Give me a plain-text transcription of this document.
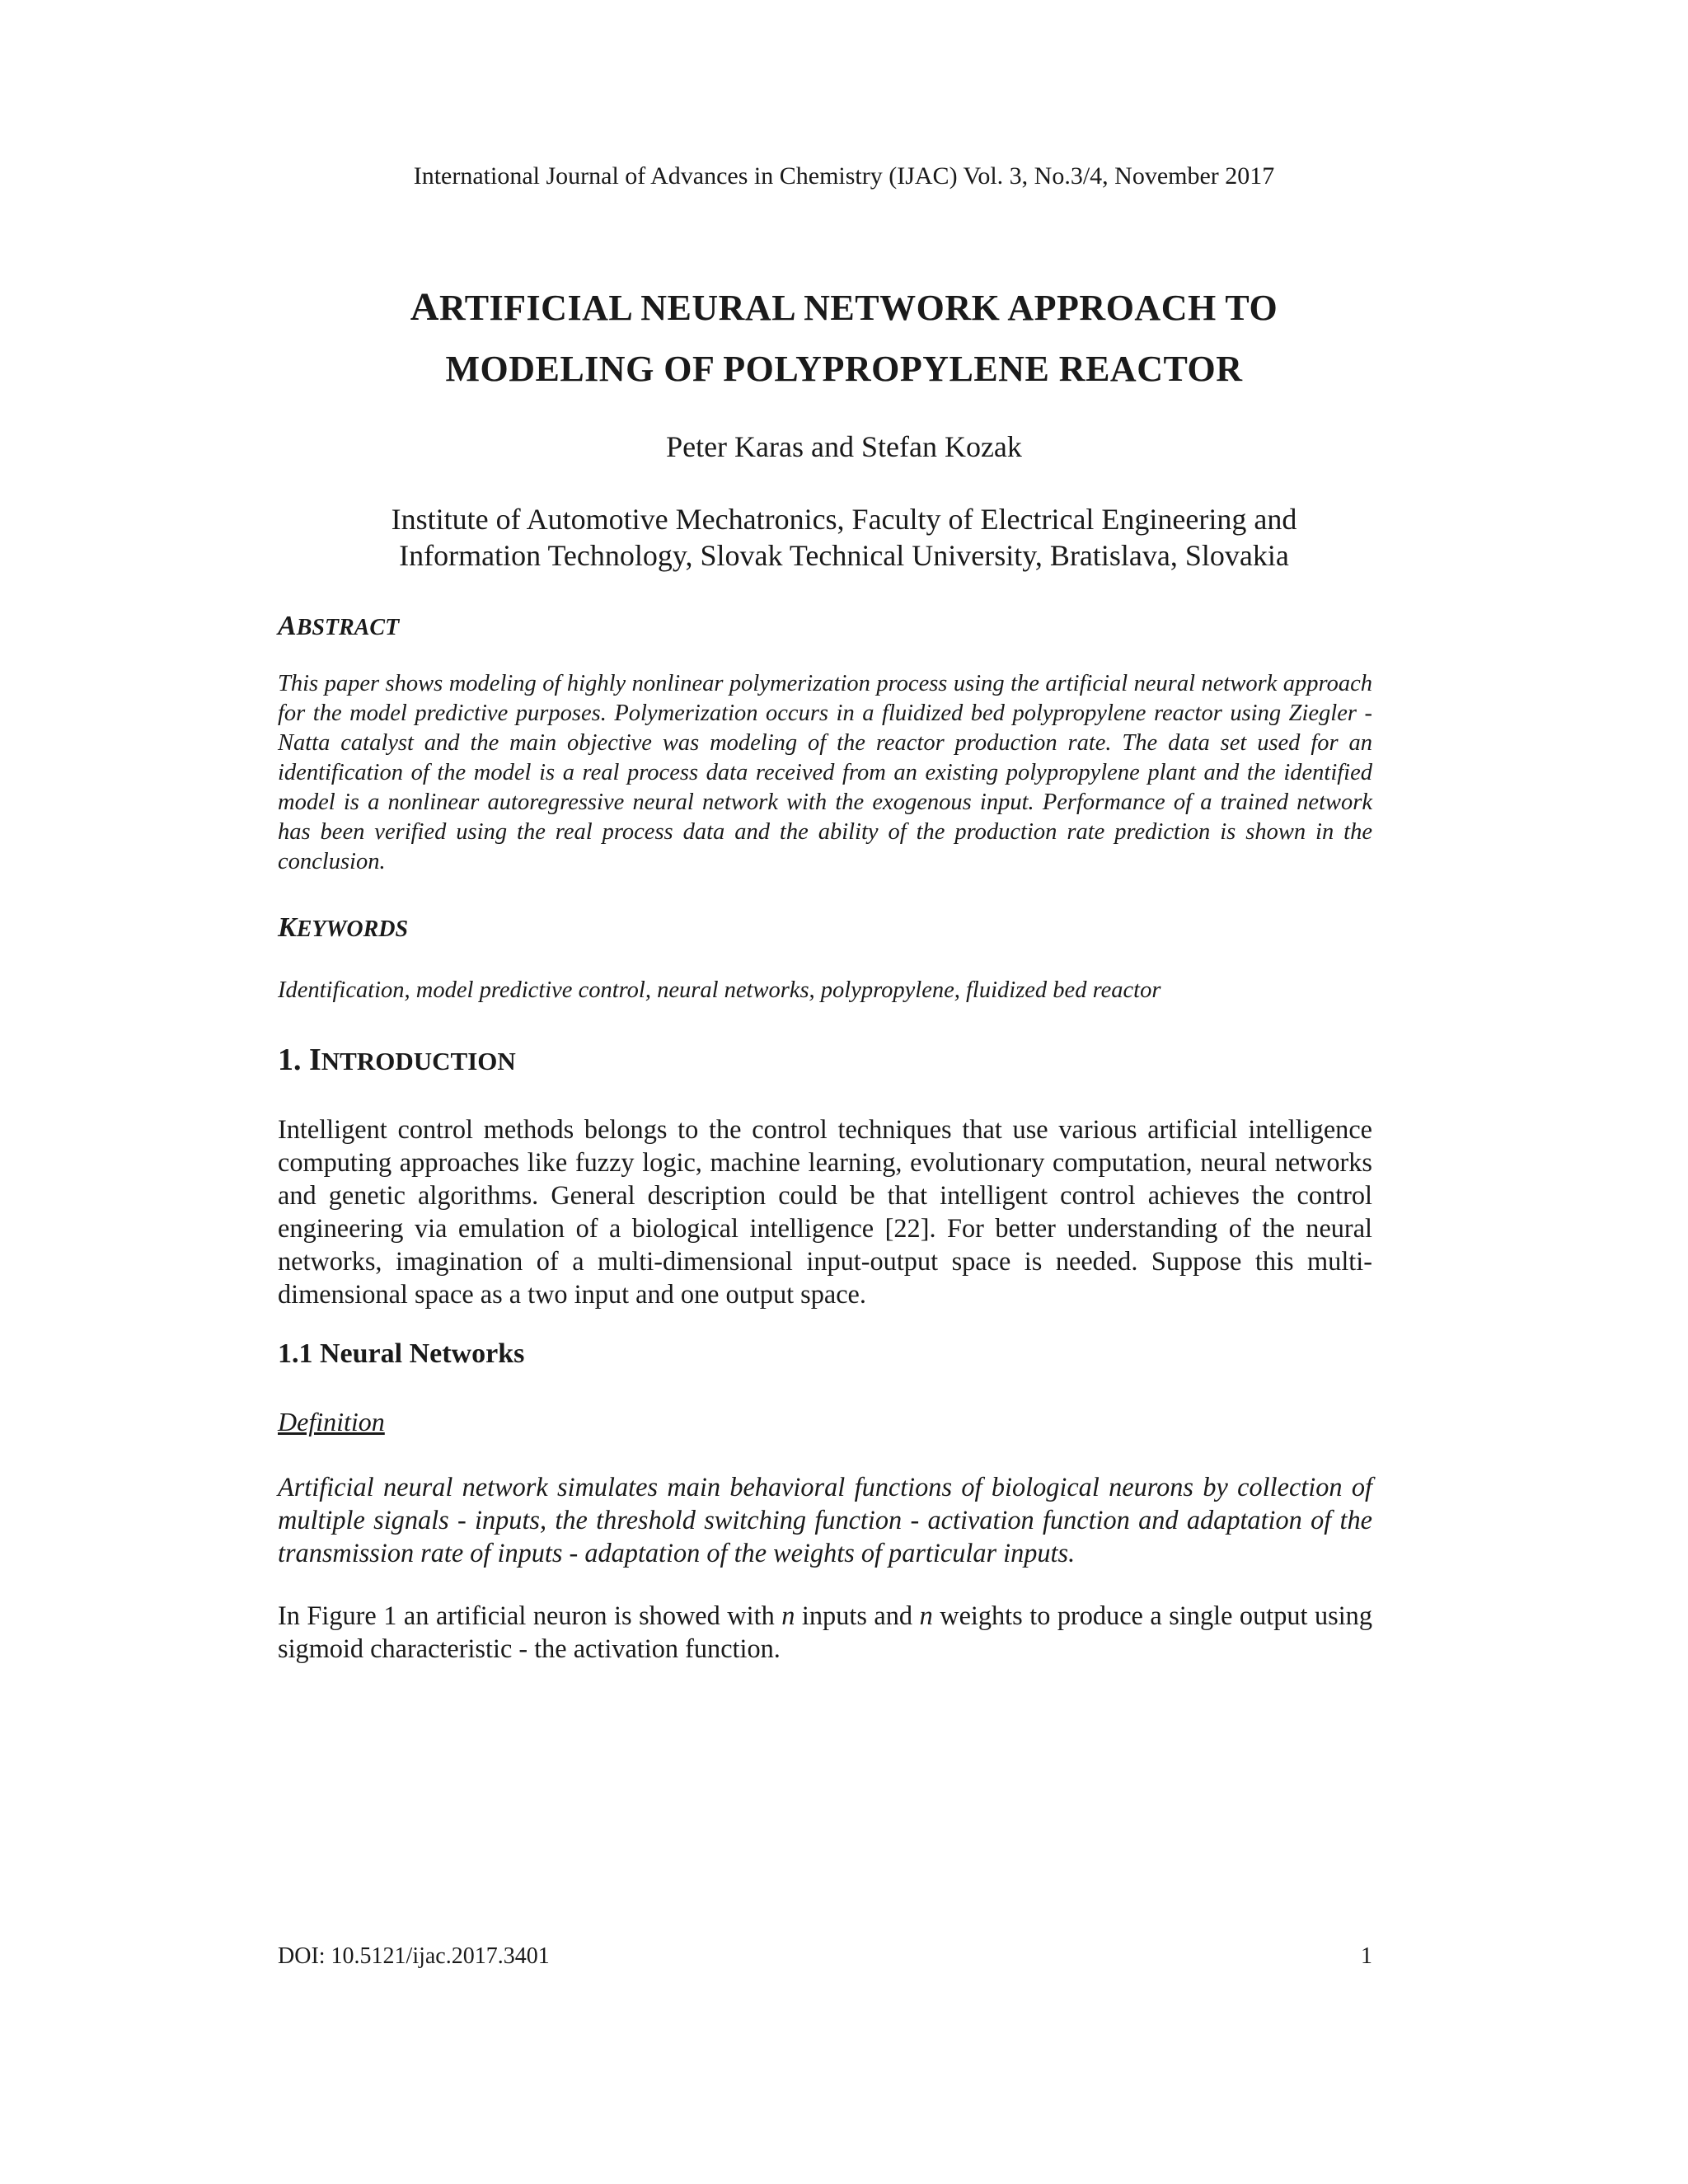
International Journal of Advances in Chemistry (IJAC) Vol. 3, No.3/4, November 2017
ARTIFICIAL NEURAL NETWORK APPROACH TO
MODELING OF POLYPROPYLENE REACTOR
Peter Karas and Stefan Kozak
Institute of Automotive Mechatronics, Faculty of Electrical Engineering and
Information Technology, Slovak Technical University, Bratislava, Slovakia
ABSTRACT
This paper shows modeling of highly nonlinear polymerization process using the artificial neural network approach for the model predictive purposes. Polymerization occurs in a fluidized bed polypropylene reactor using Ziegler - Natta catalyst and the main objective was modeling of the reactor production rate. The data set used for an identification of the model is a real process data received from an existing polypropylene plant and the identified model is a nonlinear autoregressive neural network with the exogenous input. Performance of a trained network has been verified using the real process data and the ability of the production rate prediction is shown in the conclusion.
KEYWORDS
Identification, model predictive control, neural networks, polypropylene, fluidized bed reactor
1. INTRODUCTION
Intelligent control methods belongs to the control techniques that use various artificial intelligence computing approaches like fuzzy logic, machine learning, evolutionary computation, neural networks and genetic algorithms. General description could be that intelligent control achieves the control engineering via emulation of a biological intelligence [22]. For better understanding of the neural networks, imagination of a multi-dimensional input-output space is needed. Suppose this multi-dimensional space as a two input and one output space.
1.1 Neural Networks
Definition
Artificial neural network simulates main behavioral functions of biological neurons by collection of multiple signals - inputs, the threshold switching function - activation function and adaptation of the transmission rate of inputs - adaptation of the weights of particular inputs.
In Figure 1 an artificial neuron is showed with n inputs and n weights to produce a single output using sigmoid characteristic - the activation function.
DOI: 10.5121/ijac.2017.3401	1
